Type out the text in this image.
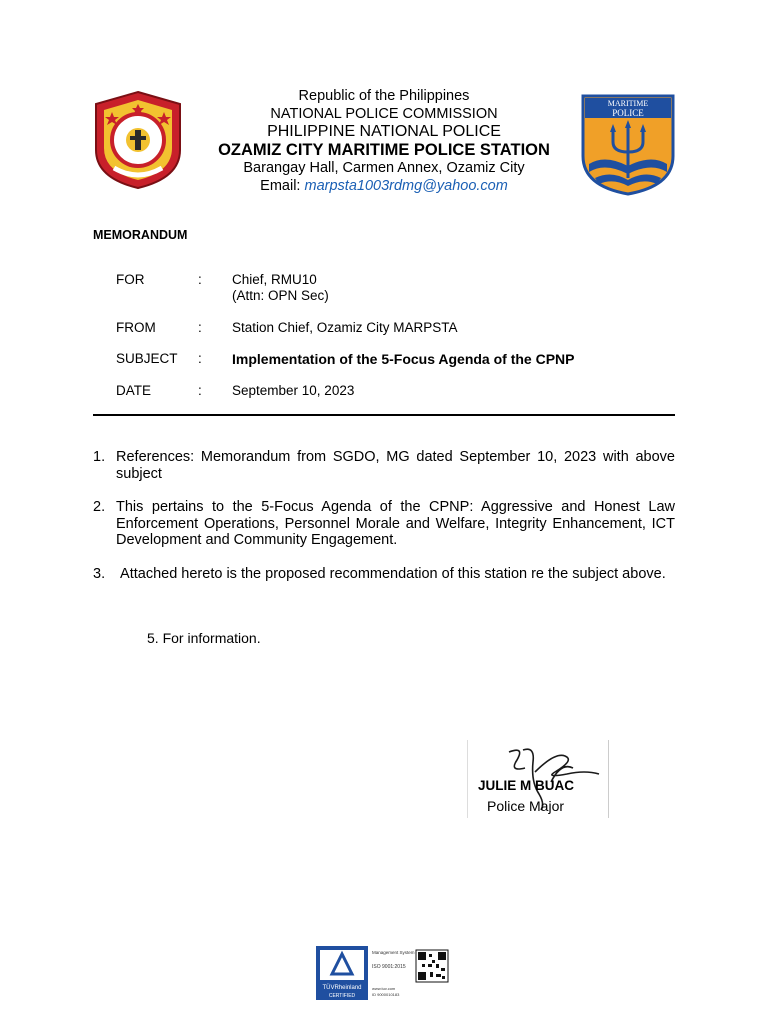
MARITIME
POLICE
Republic of the Philippines
NATIONAL POLICE COMMISSION
PHILIPPINE NATIONAL POLICE
OZAMIZ CITY MARITIME POLICE STATION
Barangay Hall, Carmen Annex, Ozamiz City
Email: marpsta1003rdmg@yahoo.com
MEMORANDUM
FOR	: Chief, RMU10
(Attn: OPN Sec)
FROM	: Station Chief, Ozamiz City MARPSTA
SUBJECT : Implementation of the 5-Focus Agenda of the CPNP
DATE	: September 10, 2023
1. References: Memorandum from SGDO, MG dated September 10, 2023 with above subject
2. This pertains to the 5-Focus Agenda of the CPNP: Aggressive and Honest Law Enforcement Operations, Personnel Morale and Welfare, Integrity Enhancement, ICT Development and Community Engagement.
3. Attached hereto is the proposed recommendation of this station re the subject above.
5. For information.
JULIE M BUAC
Police Major
TÜVRheinland
CERTIFIED
Management System
ISO 9001:2015
www.tuv.com
ID 9000010183
